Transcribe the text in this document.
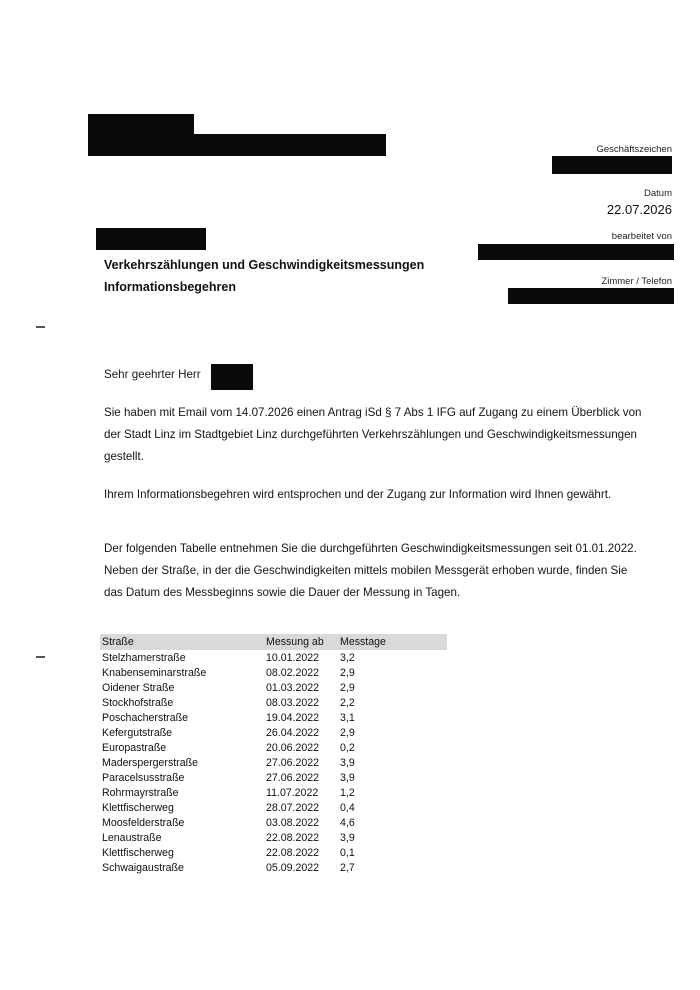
Geschäftszeichen
Datum
22.07.2026
bearbeitet von
Zimmer / Telefon
Verkehrszählungen und Geschwindigkeitsmessungen
Informationsbegehren
Sehr geehrter Herr
Sie haben mit Email vom 14.07.2026 einen Antrag iSd § 7 Abs 1 IFG auf Zugang zu einem Überblick von der Stadt Linz im Stadtgebiet Linz durchgeführten Verkehrszählungen und Geschwindigkeitsmessungen gestellt.
Ihrem Informationsbegehren wird entsprochen und der Zugang zur Information wird Ihnen gewährt.
Der folgenden Tabelle entnehmen Sie die durchgeführten Geschwindigkeitsmessungen seit 01.01.2022. Neben der Straße, in der die Geschwindigkeiten mittels mobilen Messgerät erhoben wurde, finden Sie das Datum des Messbeginns sowie die Dauer der Messung in Tagen.
Straße	Messung ab	Messtage
Stelzhamerstraße	10.01.2022	3,2
Knabenseminarstraße	08.02.2022	2,9
Oidener Straße	01.03.2022	2,9
Stockhofstraße	08.03.2022	2,2
Poschacherstraße	19.04.2022	3,1
Kefergutstraße	26.04.2022	2,9
Europastraße	20.06.2022	0,2
Maderspergerstraße	27.06.2022	3,9
Paracelsusstraße	27.06.2022	3,9
Rohrmayrstraße	11.07.2022	1,2
Klettfischerweg	28.07.2022	0,4
Moosfelderstraße	03.08.2022	4,6
Lenaustraße	22.08.2022	3,9
Klettfischerweg	22.08.2022	0,1
Schwaigaustraße	05.09.2022	2,7
